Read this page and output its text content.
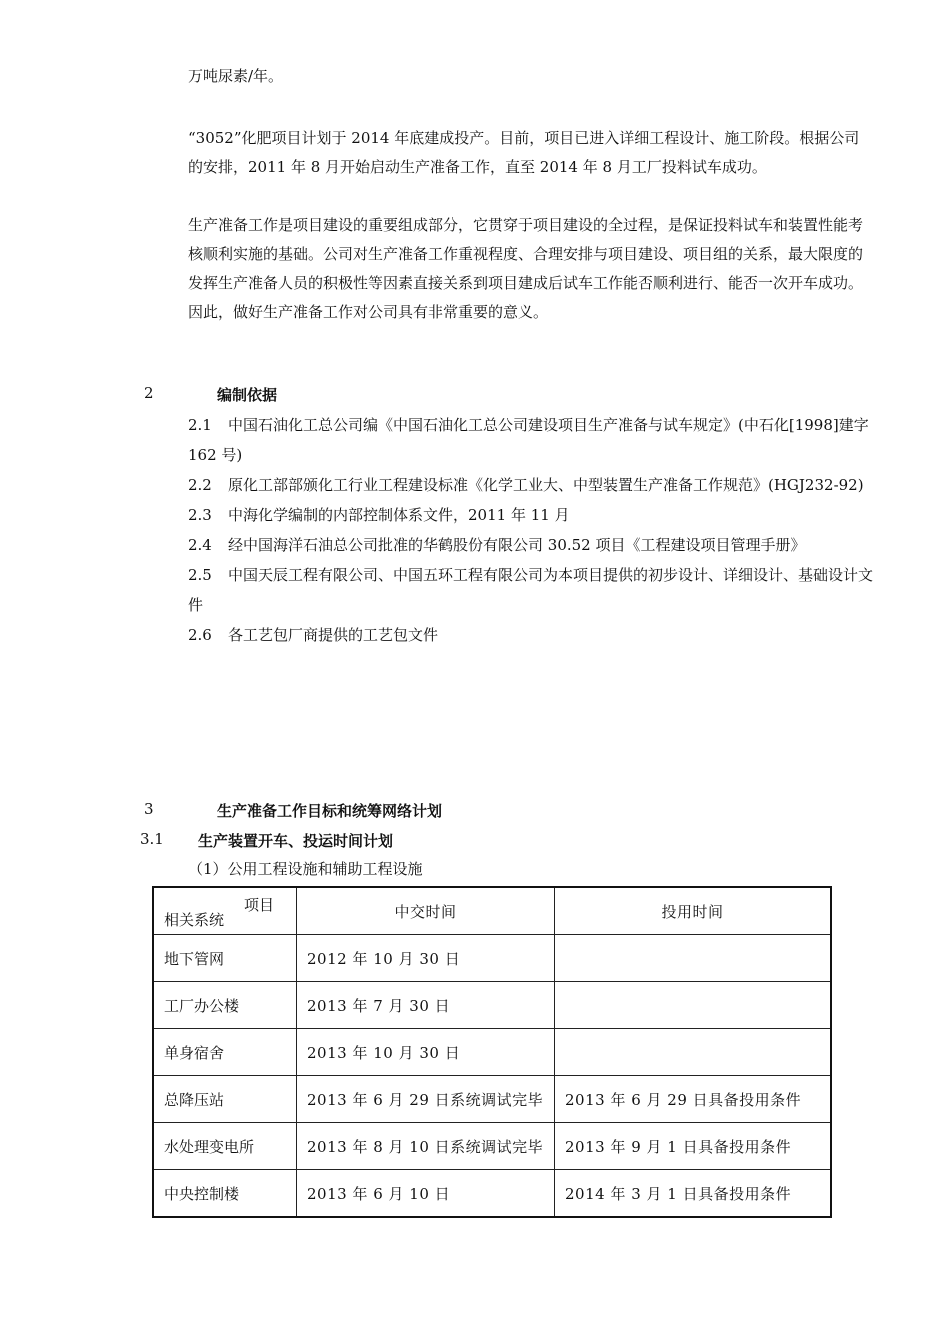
万吨尿素/年。

“3052”化肥项目计划于 2014 年底建成投产。目前，项目已进入详细工程设计、施工阶段。根据公司的安排，2011 年 8 月开始启动生产准备工作，直至 2014 年 8 月工厂投料试车成功。

生产准备工作是项目建设的重要组成部分，它贯穿于项目建设的全过程，是保证投料试车和装置性能考核顺利实施的基础。公司对生产准备工作重视程度、合理安排与项目建设、项目组的关系，最大限度的发挥生产准备人员的积极性等因素直接关系到项目建成后试车工作能否顺利进行、能否一次开车成功。因此，做好生产准备工作对公司具有非常重要的意义。

2	编制依据

2.1 中国石油化工总公司编《中国石油化工总公司建设项目生产准备与试车规定》(中石化[1998]建字 162 号)

2.2 原化工部部颁化工行业工程建设标准《化学工业大、中型装置生产准备工作规范》(HGJ232-92)

2.3 中海化学编制的内部控制体系文件，2011 年 11 月

2.4 经中国海洋石油总公司批准的华鹤股份有限公司 30.52 项目《工程建设项目管理手册》

2.5 中国天辰工程有限公司、中国五环工程有限公司为本项目提供的初步设计、详细设计、基础设计文件

2.6 各工艺包厂商提供的工艺包文件

3	生产准备工作目标和统筹网络计划
3.1 生产装置开车、投运时间计划
（1）公用工程设施和辅助工程设施
项目
相关系统	中交时间	投用时间
地下管网	2012 年 10 月 30 日	
工厂办公楼	2013 年 7 月 30 日	
单身宿舍	2013 年 10 月 30 日	
总降压站	2013 年 6 月 29 日系统调试完毕	2013 年 6 月 29 日具备投用条件
水处理变电所	2013 年 8 月 10 日系统调试完毕	2013 年 9 月 1 日具备投用条件
中央控制楼	2013 年 6 月 10 日	2014 年 3 月 1 日具备投用条件
